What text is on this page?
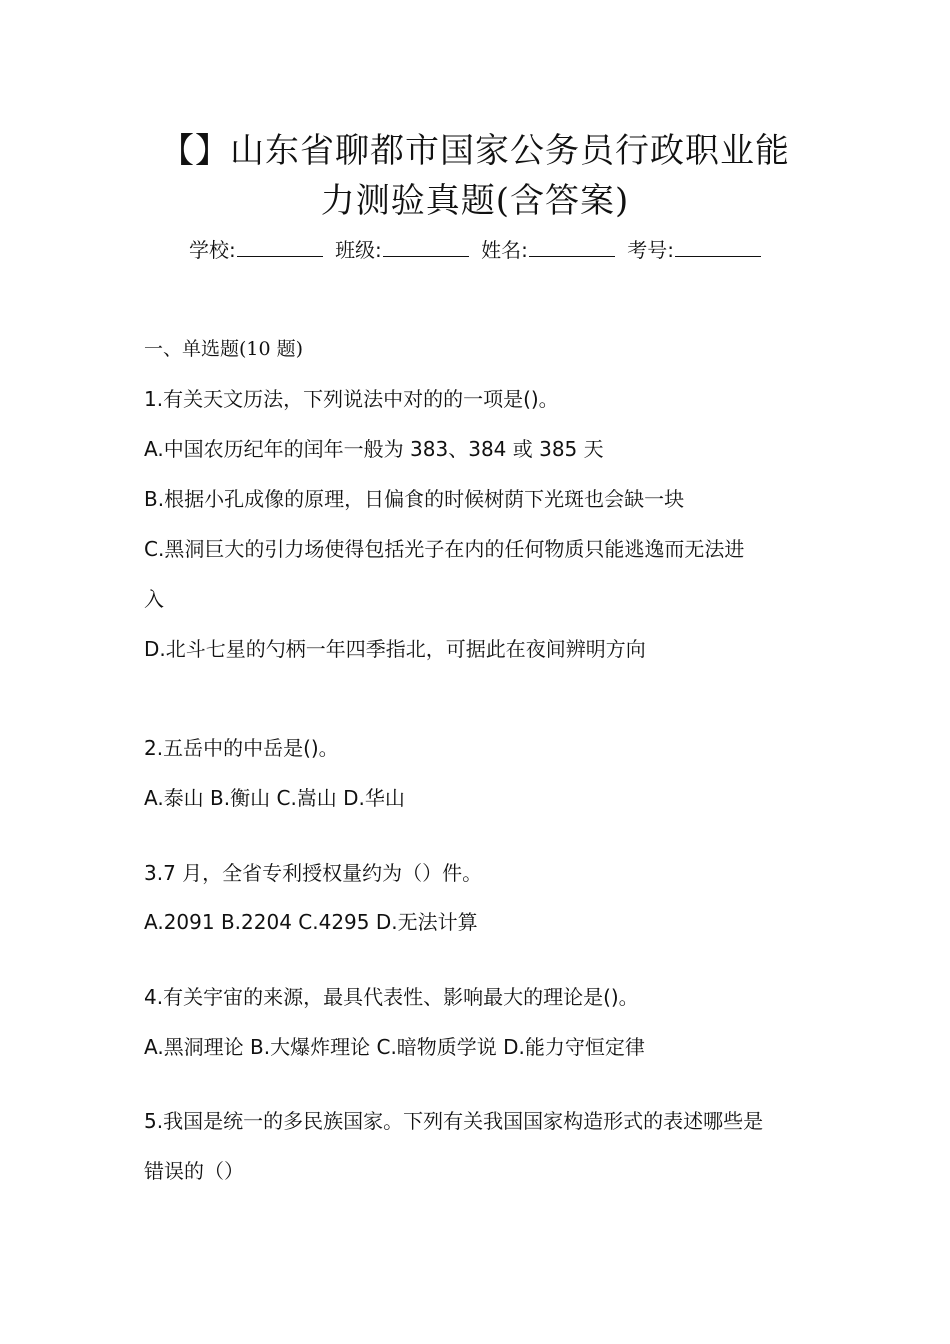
【】山东省聊都市国家公务员行政职业能
力测验真题(含答案)
学校:	班级:	姓名:	考号:

一、单选题(10 题)

1.有关天文历法，下列说法中对的的一项是()。

A.中国农历纪年的闰年一般为 383、384 或 385 天

B.根据小孔成像的原理，日偏食的时候树荫下光斑也会缺一块

C.黑洞巨大的引力场使得包括光子在内的任何物质只能逃逸而无法进

入

D.北斗七星的勺柄一年四季指北，可据此在夜间辨明方向

2.五岳中的中岳是()。

A.泰山 B.衡山 C.嵩山 D.华山

3.7 月，全省专利授权量约为（）件。

A.2091 B.2204 C.4295 D.无法计算

4.有关宇宙的来源，最具代表性、影响最大的理论是()。

A.黑洞理论 B.大爆炸理论 C.暗物质学说 D.能力守恒定律

5.我国是统一的多民族国家。下列有关我国国家构造形式的表述哪些是

错误的（）
